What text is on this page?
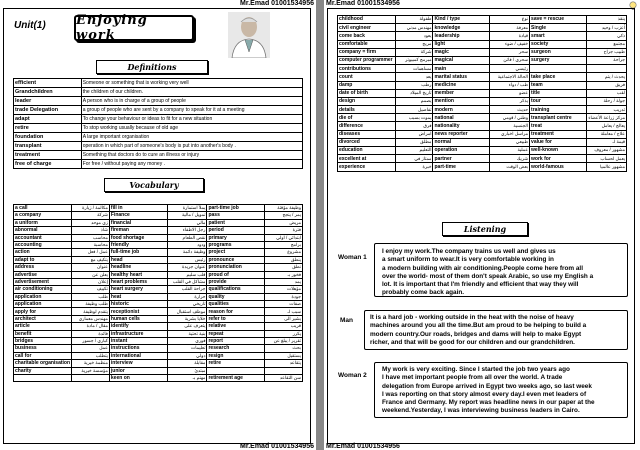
Mr.Emad 01001534956
Unit(1) Enjoying work
Definitions
efficient	Someone or something that is working very well
Grandchildren	the children of our children.
leader	A person who is in charge of a group of people
trade Delegation	a group of people who are sent by a company to speak for it at a meeting
adapt	To change your behaviour or ideas to fit for a new situation
retire	To stop working usually because of old age
foundation	A large important organisation
transplant	operation in which part of someone's body is put into another's body .
treatment	Something that doctors do to cure an illness or injury
free of charge	For free / without paying any money .
Vocabulary
a call	مكالمة / زيارة	fill in	يملأ استمارة	part-time job	وظيفة مؤقتة
a company	شركة	Finance	تمويل / مالية	pass	يمر / ينجح
a uniform	زي موحد	financial	مالي	patient	مريض
abnormal	شاذ	fireman	رجل الاطفاء	period	فترة
accountant	محاسب	food shortage	نقص الطعام	primary	ابتدائي / أولي
accounting	محاسبة	friendly	ودود	programs	برامج
action	عمل / فعل	full-time job	وظيفة دائمة	project	مشروع
adapt to	يتكيف مع	head	رئيس	pronounce	ينطق
address	عنوان	headline	عنوان جريدة	pronunciation	نطق
advertise	يعلن عن	healthy heart	قلب سليم	proud of	فخور بـ
advertisement	إعلان	heart problems	مشاكل في القلب	provide	يمد
air conditioning	تكييف	heart surgery	جراحة القلب	qualifications	مؤهلات
application	طلب	heat	حرارة	quality	جودة
application	طلب وظيفة	historic	تاريخي	qualities	صفات
apply for	يتقدم لوظيفة	receptionist	موظف استقبال	reason for	سبب لـ
architect	مهندس معماري	human cells	خلايا بشرية	refer to	يشير الى
article	مقال / مادة	identify	يتعرف على	relative	قريب
benefit	فائدة	infrastructure	بنية تحتية	repeat	يكرر
bridges	كباري / جسور	instant	فوري	report	تقرير / يبلغ عن
business	عمل	instructions	تعليمات	research	بحث
call for	يتطلب	international	دولي	resign	يستقيل
charitable organisation	منظمة خيرية	interview	مقابلة	retire	يتقاعد
charity	مؤسسة خيرية	junior	مبتدئ		
		keen on	مهتم بـ	retirement age	سن التقاعد
Mr.Emad 01001534956
Mr.Emad 01001534956
childhood	طفولة	Kind / type	نوع	save = rescue	ينقذ
civil engineer	مهندس مدني	knowledge	معرفة	Single	أعزب / وحيد
come back	يعود	leadership	قيادة	smart	ذكي
comfortable	مريح	light	خفيف / ضوء	society	مجتمع
company = firm	شركة	magic	سحر	surgeon	طبيب جراح
computer programmer	مبرمج كمبيوتر	magical	سحري / فاتن	surgery	جراحة
contributions	مساهمات	main	رئيسي		
count	يعد	marital status	الحالة الاجتماعية	take place	يحدث / يتم
damp	رطب	medicine	طب / دواء	team	فريق
date of birth	تاريخ الميلاد	member	عضو	title	لقب
design	يصمم	mention	يذكر	tour	جولة / رحلة
details	تفاصيل	modern	حديث	training	تدريب
die of	يموت بسبب	national	وطني / قومي	transplant centre	مركز زراعة الأعضاء
difference	فرق	nationality	الجنسية	treat	يعالج / يعامل
diseases	أمراض	news reporter	مراسل اخباري	treatment	علاج / معاملة
divorced	مطلق	normal	طبيعي	value for	قيمة لـ
education	التعليم	operation	عملية	well-known	مشهور / معروف
excellent at	ممتاز في	partner	شريك	work for	يعمل لحساب
experience	خبرة	part-time	بعض الوقت	world-famous	مشهور عالميا
Listening
Woman 1
I enjoy my work.The company trains us well and gives us
a smart uniform to wear.It is very comfortable working in
a modern building with air conditioning.People come here from all
over the world- most of them don't speak Arabic, so use my English a
lot. It is important that I'm friendly and efficient that way they will
probably come back again.
Man	It is a hard job - working outside in the heat with the noise of heavy
machines around you all the time.But am proud to be helping to build a
modern country.Our roads, bridges and dams will help to make Egypt
richer, and that will be good for our children and our grandchildren.
Woman 2
My work is very exciting. Since I started the job two years ago
I have met important people from all over the world. A trade
delegation from Europe arrived in Egypt two weeks ago, so last week
I was reporting on that story almost every day.I even met leaders of
France and Germany. My report was headline news in our paper at the
weekend.Yesterday, I was interviewing business leaders in Cairo.
Mr.Emad 01001534956
